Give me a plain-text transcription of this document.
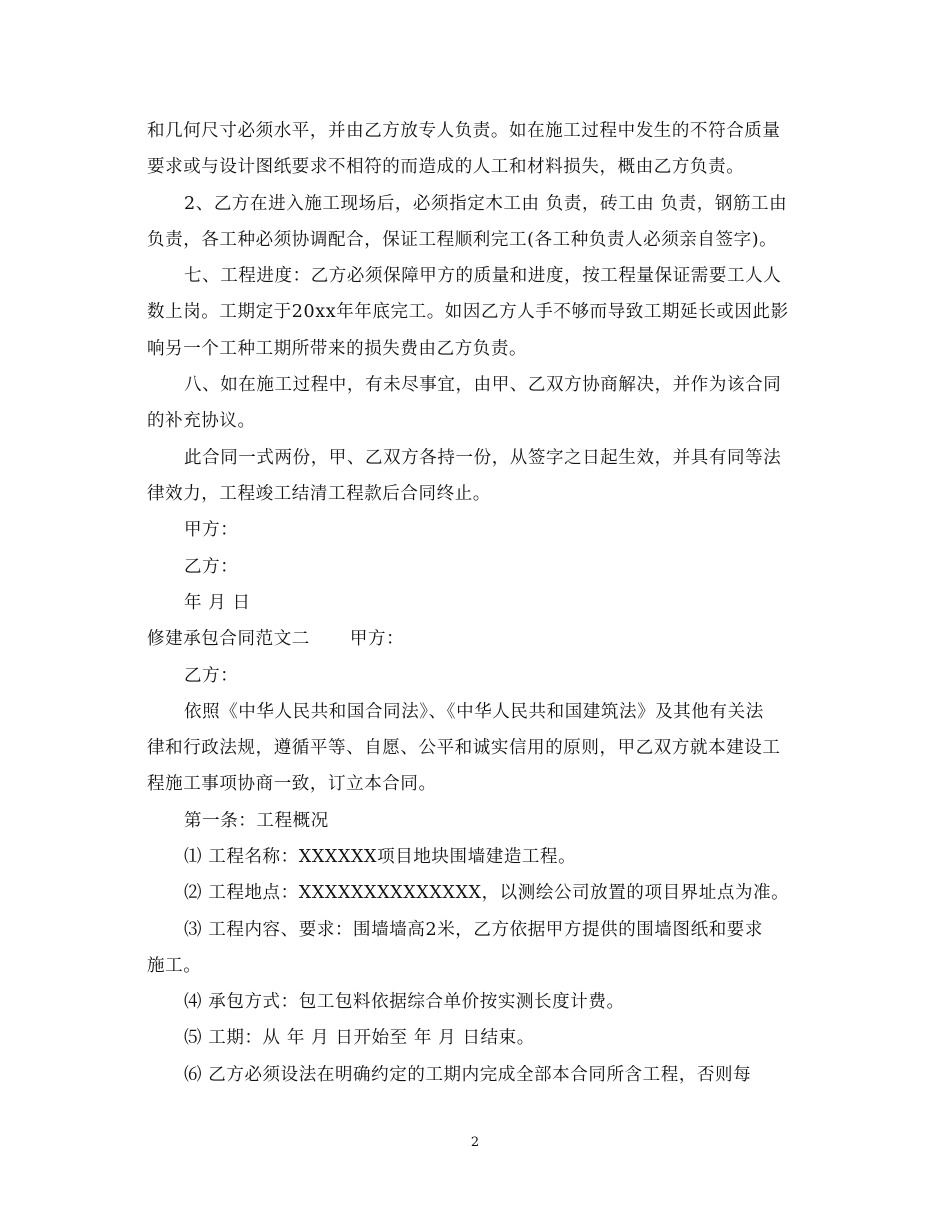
和几何尺寸必须水平，并由乙方放专人负责。如在施工过程中发生的不符合质量
要求或与设计图纸要求不相符的而造成的人工和材料损失，概由乙方负责。
2、乙方在进入施工现场后，必须指定木工由 负责，砖工由 负责，钢筋工由
负责，各工种必须协调配合，保证工程顺利完工(各工种负责人必须亲自签字)。
七、工程进度：乙方必须保障甲方的质量和进度，按工程量保证需要工人人
数上岗。工期定于20xx年年底完工。如因乙方人手不够而导致工期延长或因此影
响另一个工种工期所带来的损失费由乙方负责。
八、如在施工过程中，有未尽事宜，由甲、乙双方协商解决，并作为该合同
的补充协议。
此合同一式两份，甲、乙双方各持一份，从签字之日起生效，并具有同等法
律效力，工程竣工结清工程款后合同终止。
甲方：
乙方：
年 月 日
修建承包合同范文二 甲方：
乙方：
依照《中华人民共和国合同法》、《中华人民共和国建筑法》及其他有关法
律和行政法规，遵循平等、自愿、公平和诚实信用的原则，甲乙双方就本建设工
程施工事项协商一致，订立本合同。
第一条：工程概况
⑴ 工程名称：XXXXXX项目地块围墙建造工程。
⑵ 工程地点：XXXXXXXXXXXXXX，以测绘公司放置的项目界址点为准。
⑶ 工程内容、要求：围墙墙高2米，乙方依据甲方提供的围墙图纸和要求
施工。
⑷ 承包方式：包工包料依据综合单价按实测长度计费。
⑸ 工期：从 年 月 日开始至 年 月 日结束。
⑹ 乙方必须设法在明确约定的工期内完成全部本合同所含工程，否则每
2
